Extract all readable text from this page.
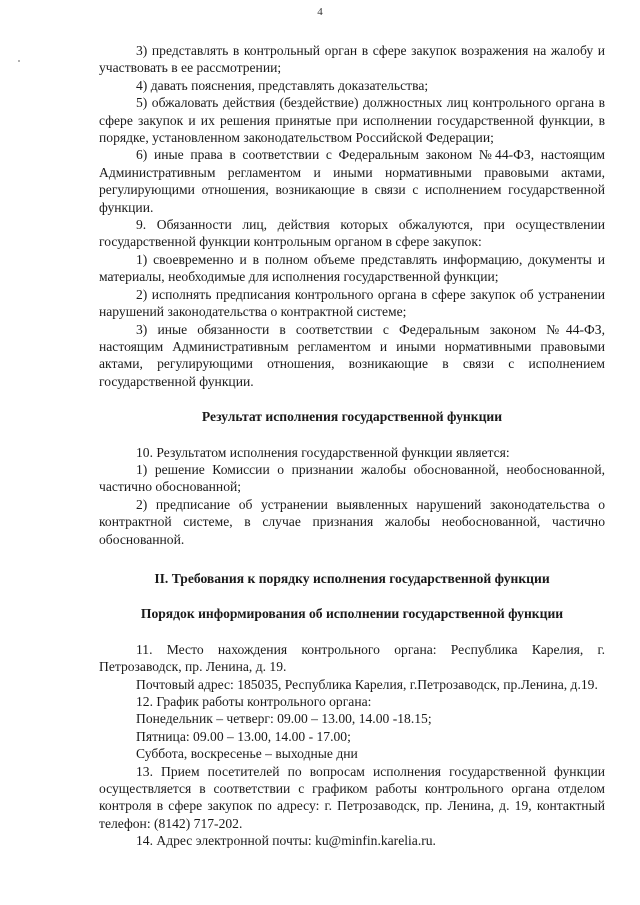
4

3) представлять в контрольный орган в сфере закупок возражения на жалобу и участвовать в ее рассмотрении;

4) давать пояснения, представлять доказательства;

5) обжаловать действия (бездействие) должностных лиц контрольного органа в сфере закупок и их решения принятые при исполнении государственной функции, в порядке, установленном законодательством Российской Федерации;

6) иные права в соответствии с Федеральным законом №44-ФЗ, настоящим Административным регламентом и иными нормативными правовыми актами, регулирующими отношения, возникающие в связи с исполнением государственной функции.

9. Обязанности лиц, действия которых обжалуются, при осуществлении государственной функции контрольным органом в сфере закупок:

1) своевременно и в полном объеме представлять информацию, документы и материалы, необходимые для исполнения государственной функции;

2) исполнять предписания контрольного органа в сфере закупок об устранении нарушений законодательства о контрактной системе;

3) иные обязанности в соответствии с Федеральным законом №44-ФЗ, настоящим Административным регламентом и иными нормативными правовыми актами, регулирующими отношения, возникающие в связи с исполнением государственной функции.

Результат исполнения государственной функции

10. Результатом исполнения государственной функции является:

1) решение Комиссии о признании жалобы обоснованной, необоснованной, частично обоснованной;

2) предписание об устранении выявленных нарушений законодательства о контрактной системе, в случае признания жалобы необоснованной, частично обоснованной.

II. Требования к порядку исполнения государственной функции
Порядок информирования об исполнении государственной функции

11. Место нахождения контрольного органа: Республика Карелия, г. Петрозаводск, пр. Ленина, д. 19.

Почтовый адрес: 185035, Республика Карелия, г.Петрозаводск, пр.Ленина, д.19.

12. График работы контрольного органа:

Понедельник – четверг: 09.00 – 13.00, 14.00 -18.15;

Пятница: 09.00 – 13.00, 14.00 - 17.00;

Суббота, воскресенье – выходные дни

13. Прием посетителей по вопросам исполнения государственной функции осуществляется в соответствии с графиком работы контрольного органа отделом контроля в сфере закупок по адресу: г. Петрозаводск, пр. Ленина, д. 19, контактный телефон: (8142) 717-202.

14. Адрес электронной почты: ku@minfin.karelia.ru.
